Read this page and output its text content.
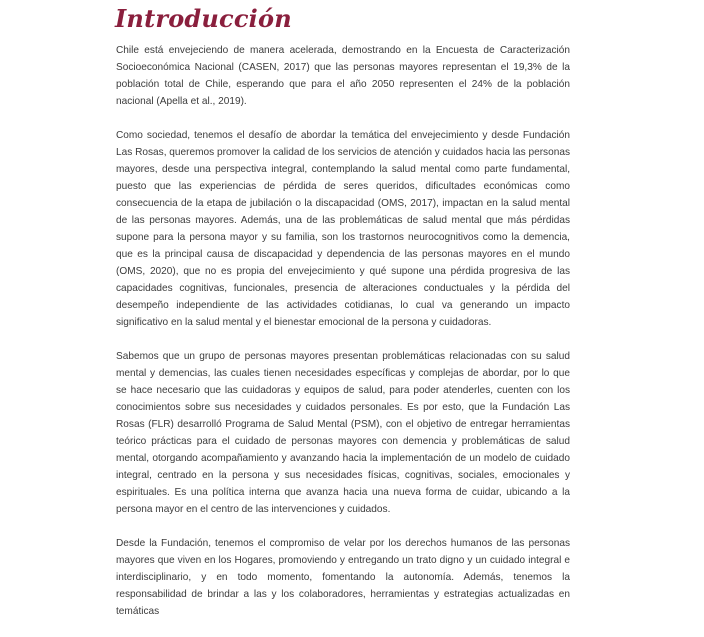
Introducción

Chile está envejeciendo de manera acelerada, demostrando en la Encuesta de Caracterización Socioeconómica Nacional (CASEN, 2017) que las personas mayores representan el 19,3% de la población total de Chile, esperando que para el año 2050 representen el 24% de la población nacional (Apella et al., 2019).

Como sociedad, tenemos el desafío de abordar la temática del envejecimiento y desde Fundación Las Rosas, queremos promover la calidad de los servicios de atención y cuidados hacia las personas mayores, desde una perspectiva integral, contemplando la salud mental como parte fundamental, puesto que las experiencias de pérdida de seres queridos, dificultades económicas como consecuencia de la etapa de jubilación o la discapacidad (OMS, 2017), impactan en la salud mental de las personas mayores. Además, una de las problemáticas de salud mental que más pérdidas supone para la persona mayor y su familia, son los trastornos neurocognitivos como la demencia, que es la principal causa de discapacidad y dependencia de las personas mayores en el mundo (OMS, 2020), que no es propia del envejecimiento y qué supone una pérdida progresiva de las capacidades cognitivas, funcionales, presencia de alteraciones conductuales y la pérdida del desempeño independiente de las actividades cotidianas, lo cual va generando un impacto significativo en la salud mental y el bienestar emocional de la persona y cuidadoras.

Sabemos que un grupo de personas mayores presentan problemáticas relacionadas con su salud mental y demencias, las cuales tienen necesidades específicas y complejas de abordar, por lo que se hace necesario que las cuidadoras y equipos de salud, para poder atenderles, cuenten con los conocimientos sobre sus necesidades y cuidados personales. Es por esto, que la Fundación Las Rosas (FLR) desarrolló Programa de Salud Mental (PSM), con el objetivo de entregar herramientas teórico prácticas para el cuidado de personas mayores con demencia y problemáticas de salud mental, otorgando acompañamiento y avanzando hacia la implementación de un modelo de cuidado integral, centrado en la persona y sus necesidades físicas, cognitivas, sociales, emocionales y espirituales. Es una política interna que avanza hacia una nueva forma de cuidar, ubicando a la persona mayor en el centro de las intervenciones y cuidados.

Desde la Fundación, tenemos el compromiso de velar por los derechos humanos de las personas mayores que viven en los Hogares, promoviendo y entregando un trato digno y un cuidado integral e interdisciplinario, y en todo momento, fomentando la autonomía. Además, tenemos la responsabilidad de brindar a las y los colaboradores, herramientas y estrategias actualizadas en temáticas
